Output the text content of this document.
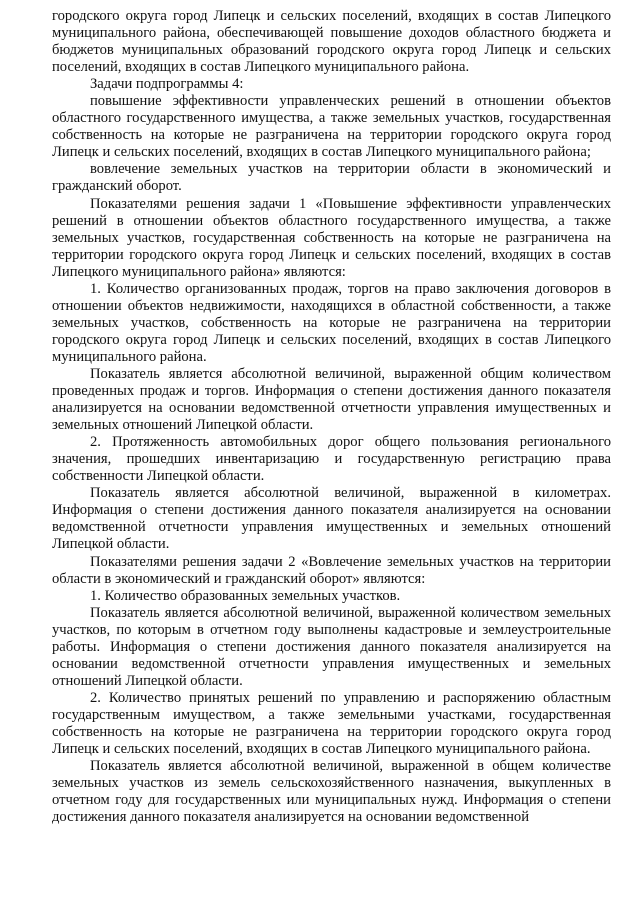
городского округа город Липецк и сельских поселений, входящих в состав Липецкого муниципального района, обеспечивающей повышение доходов областного бюджета и бюджетов муниципальных образований городского округа город Липецк и сельских поселений, входящих в состав Липецкого муниципального района.

Задачи подпрограммы 4:

повышение эффективности управленческих решений в отношении объектов областного государственного имущества, а также земельных участков, государственная собственность на которые не разграничена на территории городского округа город Липецк и сельских поселений, входящих в состав Липецкого муниципального района;

вовлечение земельных участков на территории области в экономический и гражданский оборот.

Показателями решения задачи 1 «Повышение эффективности управленческих решений в отношении объектов областного государственного имущества, а также земельных участков, государственная собственность на которые не разграничена на территории городского округа город Липецк и сельских поселений, входящих в состав Липецкого муниципального района» являются:

1. Количество организованных продаж, торгов на право заключения договоров в отношении объектов недвижимости, находящихся в областной собственности, а также земельных участков, собственность на которые не разграничена на территории городского округа город Липецк и сельских поселений, входящих в состав Липецкого муниципального района.

Показатель является абсолютной величиной, выраженной общим количеством проведенных продаж и торгов. Информация о степени достижения данного показателя анализируется на основании ведомственной отчетности управления имущественных и земельных отношений Липецкой области.

2. Протяженность автомобильных дорог общего пользования регионального значения, прошедших инвентаризацию и государственную регистрацию права собственности Липецкой области.

Показатель является абсолютной величиной, выраженной в километрах. Информация о степени достижения данного показателя анализируется на основании ведомственной отчетности управления имущественных и земельных отношений Липецкой области.

Показателями решения задачи 2 «Вовлечение земельных участков на территории области в экономический и гражданский оборот» являются:

1. Количество образованных земельных участков.

Показатель является абсолютной величиной, выраженной количеством земельных участков, по которым в отчетном году выполнены кадастровые и землеустроительные работы. Информация о степени достижения данного показателя анализируется на основании ведомственной отчетности управления имущественных и земельных отношений Липецкой области.

2. Количество принятых решений по управлению и распоряжению областным государственным имуществом, а также земельными участками, государственная собственность на которые не разграничена на территории городского округа город Липецк и сельских поселений, входящих в состав Липецкого муниципального района.

Показатель является абсолютной величиной, выраженной в общем количестве земельных участков из земель сельскохозяйственного назначения, выкупленных в отчетном году для государственных или муниципальных нужд. Информация о степени достижения данного показателя анализируется на основании ведомственной
